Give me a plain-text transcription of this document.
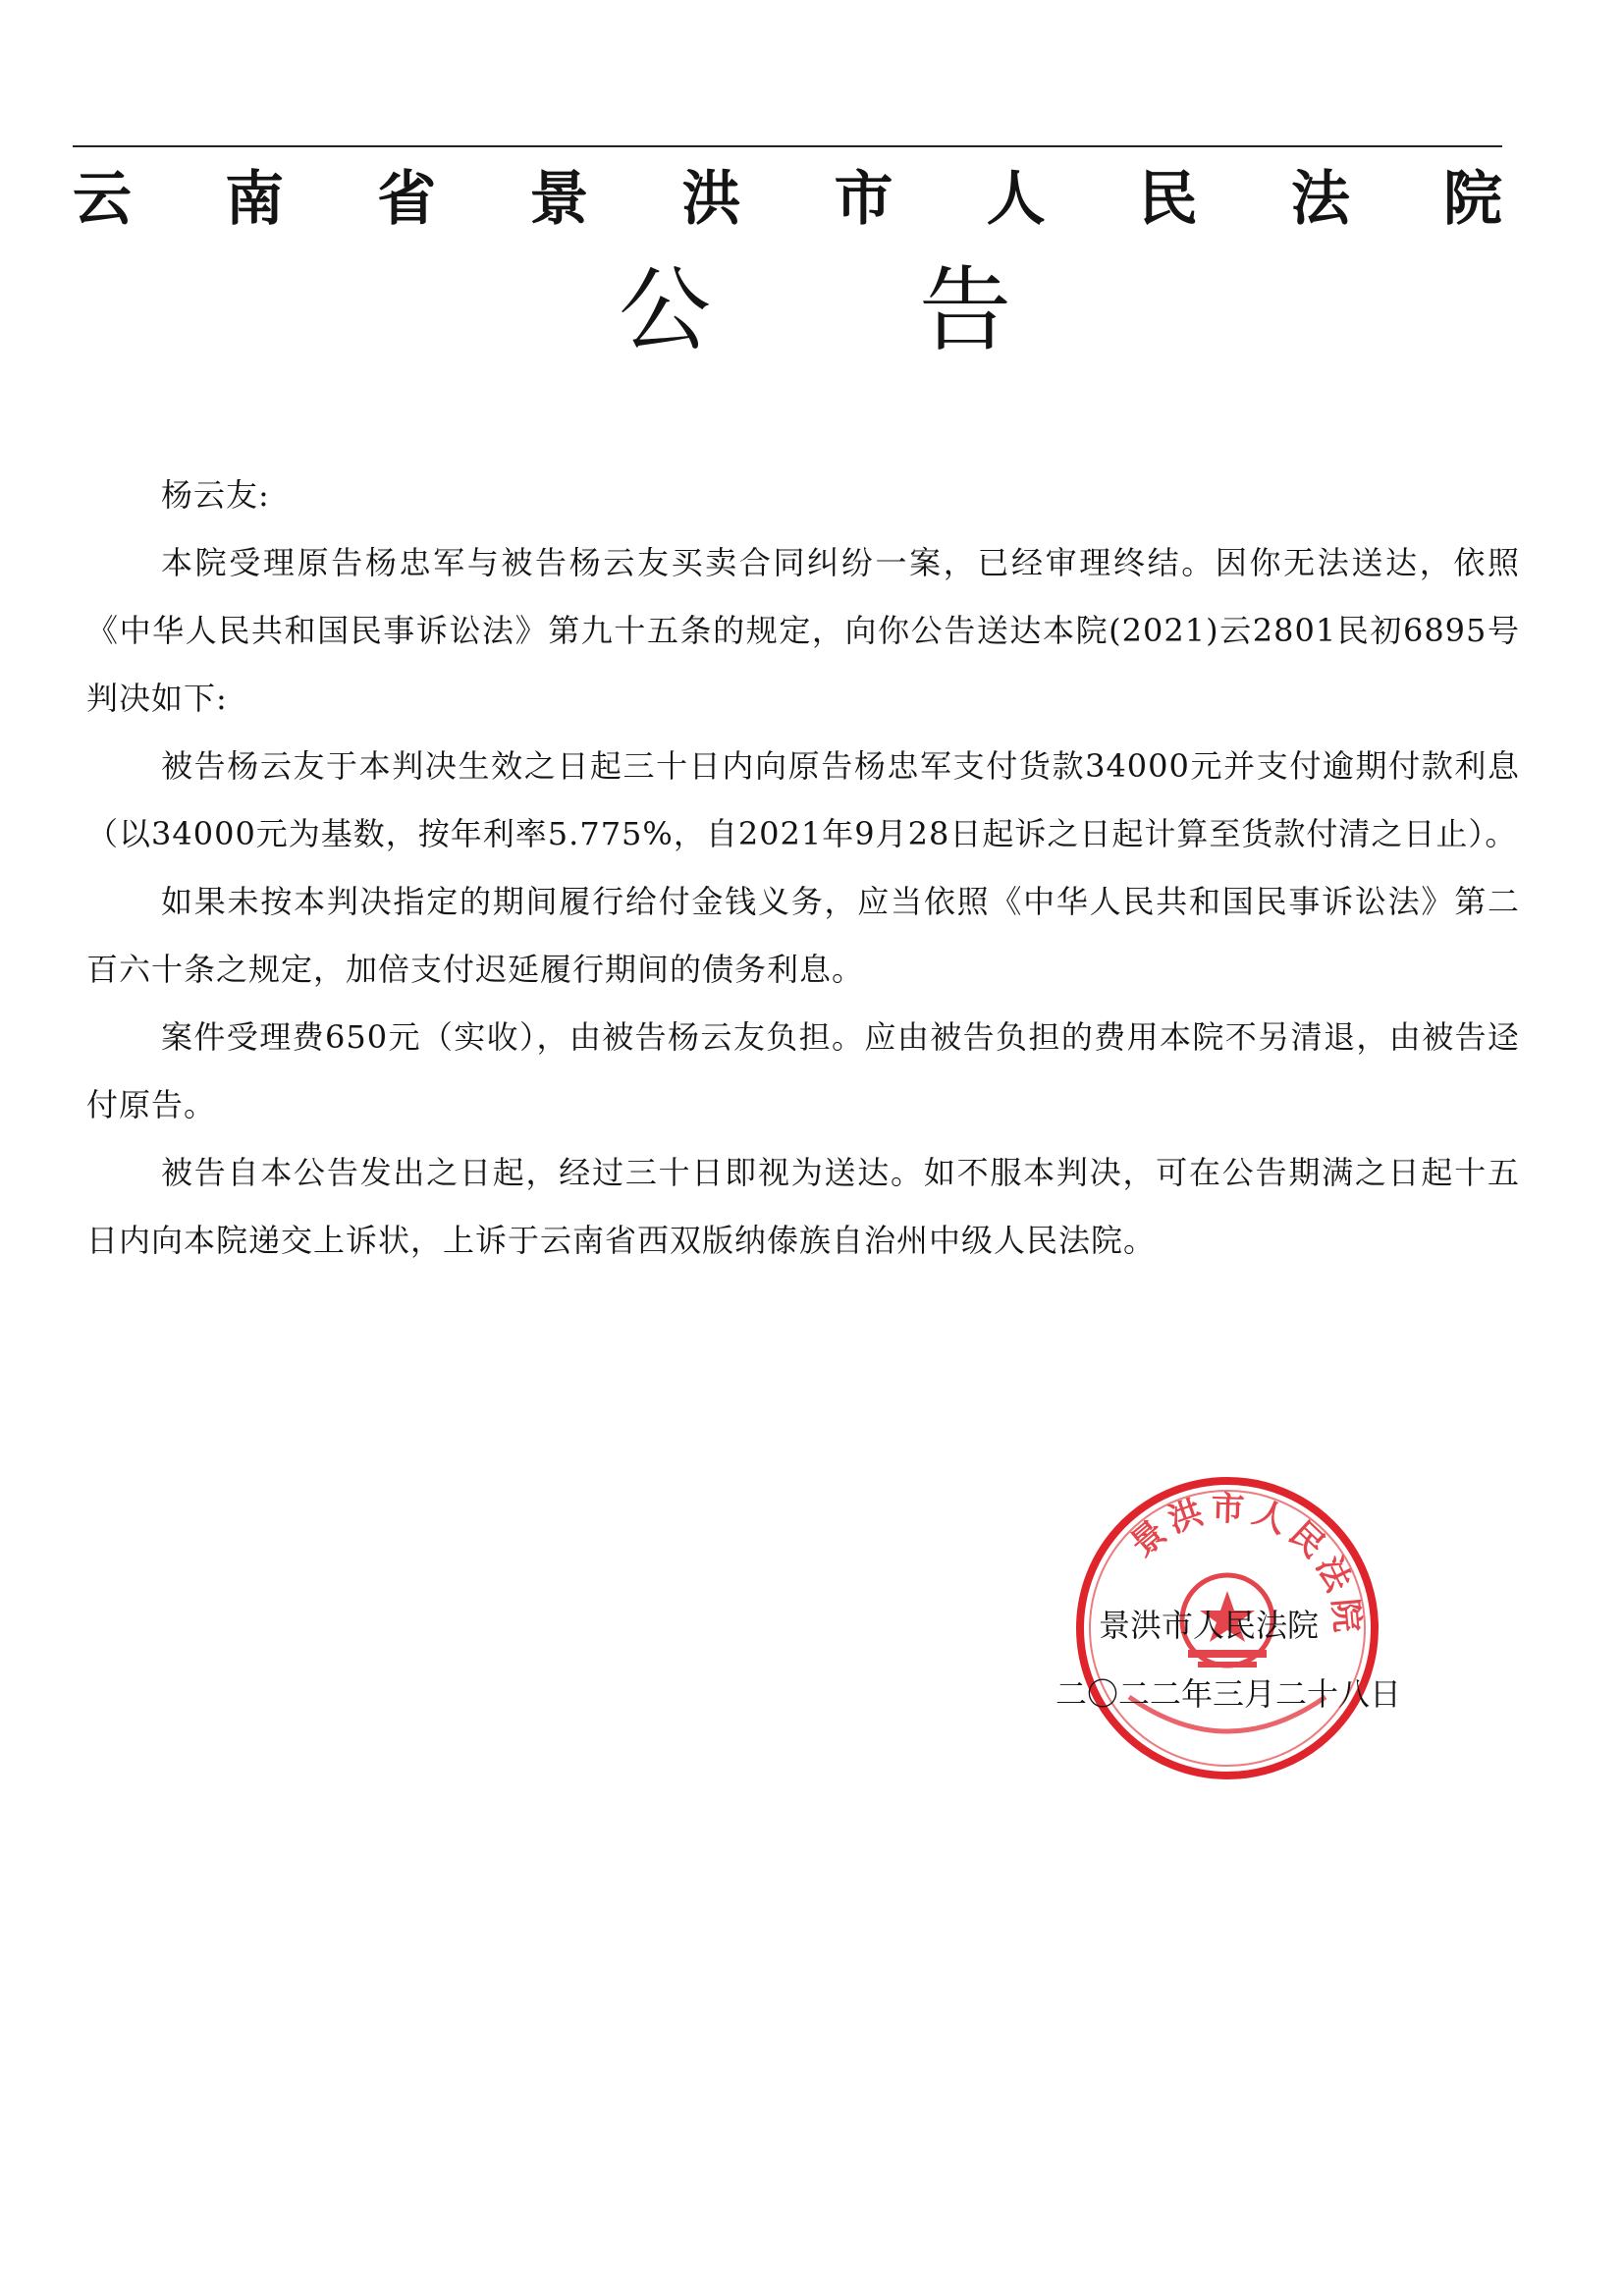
云 南 省 景 洪 市 人 民 法 院
公 告

杨云友:

本院受理原告杨忠军与被告杨云友买卖合同纠纷一案，已经审理终结。因你无法送达，依照《中华人民共和国民事诉讼法》第九十五条的规定，向你公告送达本院(2021)云2801民初6895号判决如下:

被告杨云友于本判决生效之日起三十日内向原告杨忠军支付货款34000元并支付逾期付款利息（以34000元为基数，按年利率5.775%，自2021年9月28日起诉之日起计算至货款付清之日止）。

如果未按本判决指定的期间履行给付金钱义务，应当依照《中华人民共和国民事诉讼法》第二百六十条之规定，加倍支付迟延履行期间的债务利息。

案件受理费650元（实收），由被告杨云友负担。应由被告负担的费用本院不另清退，由被告迳付原告。

被告自本公告发出之日起，经过三十日即视为送达。如不服本判决，可在公告期满之日起十五日内向本院递交上诉状，上诉于云南省西双版纳傣族自治州中级人民法院。

景洪市人民法院
景洪市人民法院
二〇二二年三月二十八日
